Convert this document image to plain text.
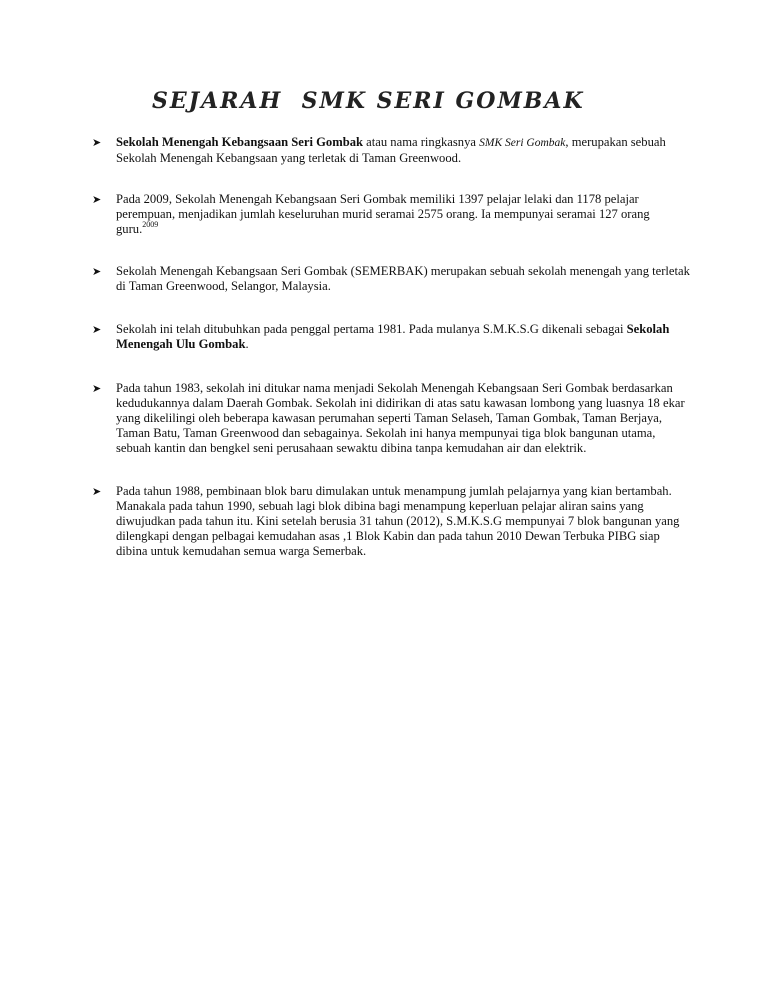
SEJARAH  SMK SERI GOMBAK
➤ Sekolah Menengah Kebangsaan Seri Gombak atau nama ringkasnya SMK Seri Gombak, merupakan sebuah Sekolah Menengah Kebangsaan yang terletak di Taman Greenwood.
➤ Pada 2009, Sekolah Menengah Kebangsaan Seri Gombak memiliki 1397 pelajar lelaki dan 1178 pelajar perempuan, menjadikan jumlah keseluruhan murid seramai 2575 orang. Ia mempunyai seramai 127 orang guru.$^{2009}$
➤ Sekolah Menengah Kebangsaan Seri Gombak (SEMERBAK) merupakan sebuah sekolah menengah yang terletak di Taman Greenwood, Selangor, Malaysia.
➤ Sekolah ini telah ditubuhkan pada penggal pertama 1981. Pada mulanya S.M.K.S.G dikenali sebagai Sekolah Menengah Ulu Gombak.
➤ Pada tahun 1983, sekolah ini ditukar nama menjadi Sekolah Menengah Kebangsaan Seri Gombak berdasarkan kedudukannya dalam Daerah Gombak. Sekolah ini didirikan di atas satu kawasan lombong yang luasnya 18 ekar yang dikelilingi oleh beberapa kawasan perumahan seperti Taman Selaseh, Taman Gombak, Taman Berjaya, Taman Batu, Taman Greenwood dan sebagainya. Sekolah ini hanya mempunyai tiga blok bangunan utama, sebuah kantin dan bengkel seni perusahaan sewaktu dibina tanpa kemudahan air dan elektrik.
➤ Pada tahun 1988, pembinaan blok baru dimulakan untuk menampung jumlah pelajarnya yang kian bertambah. Manakala pada tahun 1990, sebuah lagi blok dibina bagi menampung keperluan pelajar aliran sains yang diwujudkan pada tahun itu. Kini setelah berusia 31 tahun (2012), S.M.K.S.G mempunyai 7 blok bangunan yang dilengkapi dengan pelbagai kemudahan asas ,1 Blok Kabin dan pada tahun 2010 Dewan Terbuka PIBG siap dibina untuk kemudahan semua warga Semerbak.
